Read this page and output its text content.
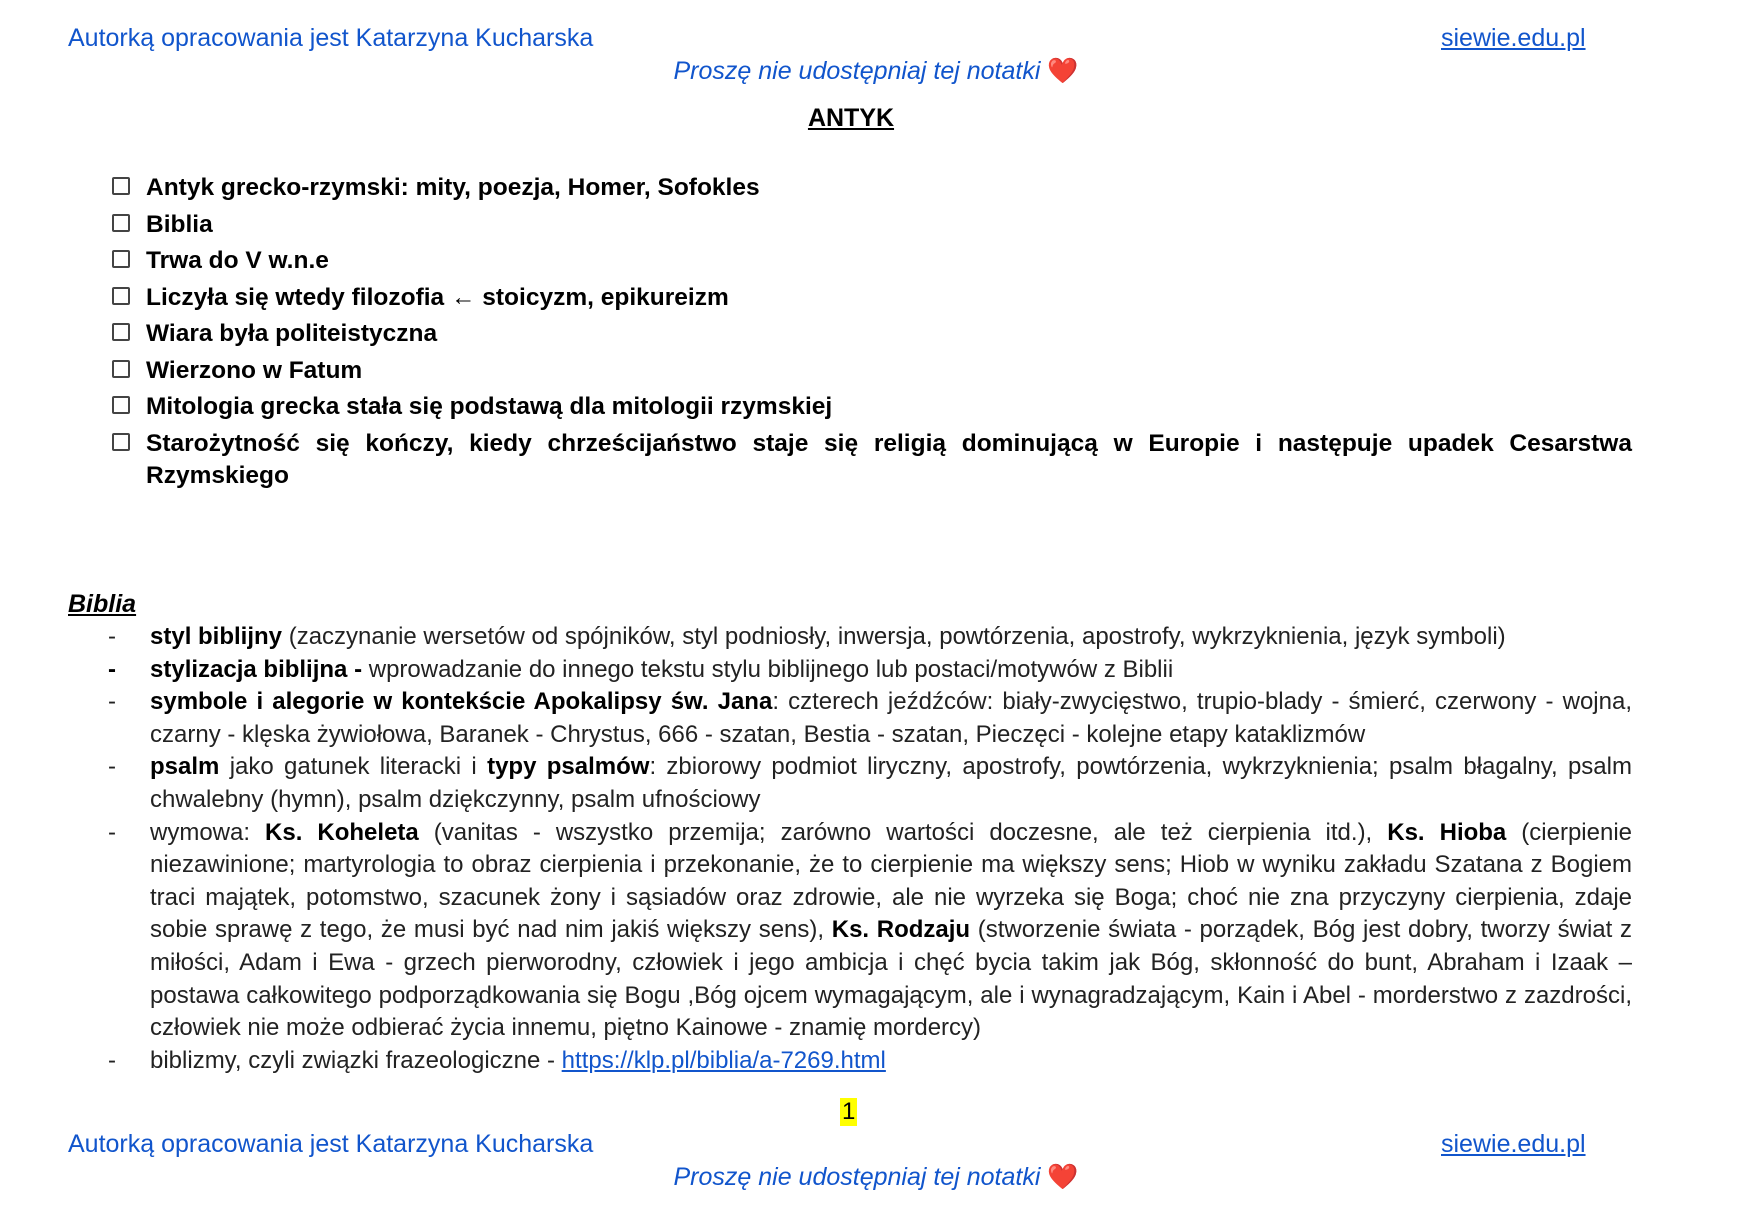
Autorką opracowania jest Katarzyna Kucharska	siewie.edu.pl
Proszę nie udostępniaj tej notatki ❤️
ANTYK
Antyk grecko-rzymski: mity, poezja, Homer, Sofokles
Biblia
Trwa do V w.n.e
Liczyła się wtedy filozofia ← stoicyzm, epikureizm
Wiara była politeistyczna
Wierzono w Fatum
Mitologia grecka stała się podstawą dla mitologii rzymskiej
Starożytność się kończy, kiedy chrześcijaństwo staje się religią dominującą w Europie i następuje upadek Cesarstwa Rzymskiego
Biblia
-	styl biblijny (zaczynanie wersetów od spójników, styl podniosły, inwersja, powtórzenia, apostrofy, wykrzyknienia, język symboli)
-	stylizacja biblijna - wprowadzanie do innego tekstu stylu biblijnego lub postaci/motywów z Biblii
-	symbole i alegorie w kontekście Apokalipsy św. Jana: czterech jeźdźców: biały-zwycięstwo, trupio-blady - śmierć, czerwony - wojna, czarny - klęska żywiołowa, Baranek - Chrystus, 666 - szatan, Bestia - szatan, Pieczęci - kolejne etapy kataklizmów
-	psalm jako gatunek literacki i typy psalmów: zbiorowy podmiot liryczny, apostrofy, powtórzenia, wykrzyknienia; psalm błagalny, psalm chwalebny (hymn), psalm dziękczynny, psalm ufnościowy
-	wymowa: Ks. Koheleta (vanitas - wszystko przemija; zarówno wartości doczesne, ale też cierpienia itd.), Ks. Hioba (cierpienie niezawinione; martyrologia to obraz cierpienia i przekonanie, że to cierpienie ma większy sens; Hiob w wyniku zakładu Szatana z Bogiem traci majątek, potomstwo, szacunek żony i sąsiadów oraz zdrowie, ale nie wyrzeka się Boga; choć nie zna przyczyny cierpienia, zdaje sobie sprawę z tego, że musi być nad nim jakiś większy sens), Ks. Rodzaju (stworzenie świata - porządek, Bóg jest dobry, tworzy świat z miłości, Adam i Ewa - grzech pierworodny, człowiek i jego ambicja i chęć bycia takim jak Bóg, skłonność do bunt, Abraham i Izaak – postawa całkowitego podporządkowania się Bogu ,Bóg ojcem wymagającym, ale i wynagradzającym, Kain i Abel - morderstwo z zazdrości, człowiek nie może odbierać życia innemu, piętno Kainowe - znamię mordercy)
-	biblizmy, czyli związki frazeologiczne - https://klp.pl/biblia/a-7269.html
1
Autorką opracowania jest Katarzyna Kucharska	siewie.edu.pl
Proszę nie udostępniaj tej notatki ❤️
